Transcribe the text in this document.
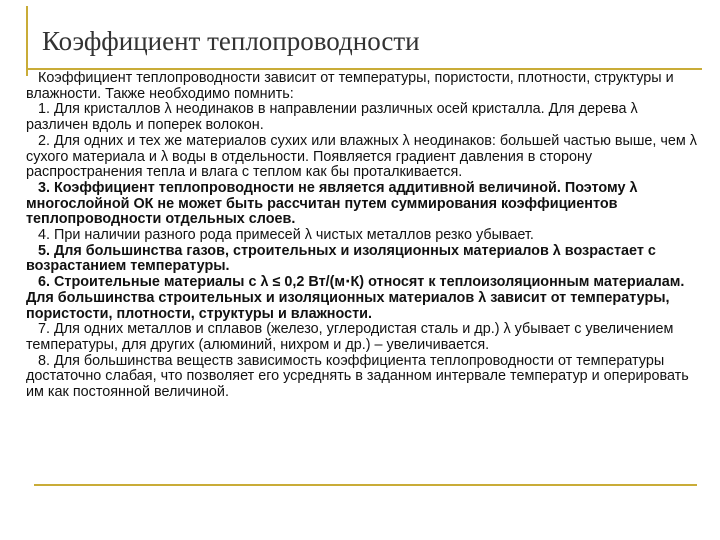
Коэффициент теплопроводности

Коэффициент теплопроводности зависит от температуры, пористости, плотности, структуры и влажности. Также необходимо помнить:

1. Для кристаллов λ неодинаков в направлении различных осей кристалла. Для дерева λ различен вдоль и поперек волокон.

2. Для одних и тех же материалов сухих или влажных λ неодинаков: большей частью выше, чем λ сухого материала и λ воды в отдельности. Появляется градиент давления в сторону распространения тепла и влага с теплом как бы проталкивается.

3. Коэффициент теплопроводности не является аддитивной величиной. Поэтому λ многослойной ОК не может быть рассчитан путем суммирования коэффициентов теплопроводности отдельных слоев.

4. При наличии разного рода примесей λ чистых металлов резко убывает.

5. Для большинства газов, строительных и изоляционных материалов λ возрастает с возрастанием температуры.

6. Строительные материалы с λ ≤ 0,2 Вт/(м⋅К) относят к теплоизоляционным материалам. Для большинства строительных и изоляционных материалов λ зависит от температуры, пористости, плотности, структуры и влажности.

7. Для одних металлов и сплавов (железо, углеродистая сталь и др.) λ убывает с увеличением температуры, для других (алюминий, нихром и др.) – увеличивается.

8. Для большинства веществ зависимость коэффициента теплопроводности от температуры достаточно слабая, что позволяет его усреднять в заданном интервале температур и оперировать им как постоянной величиной.
